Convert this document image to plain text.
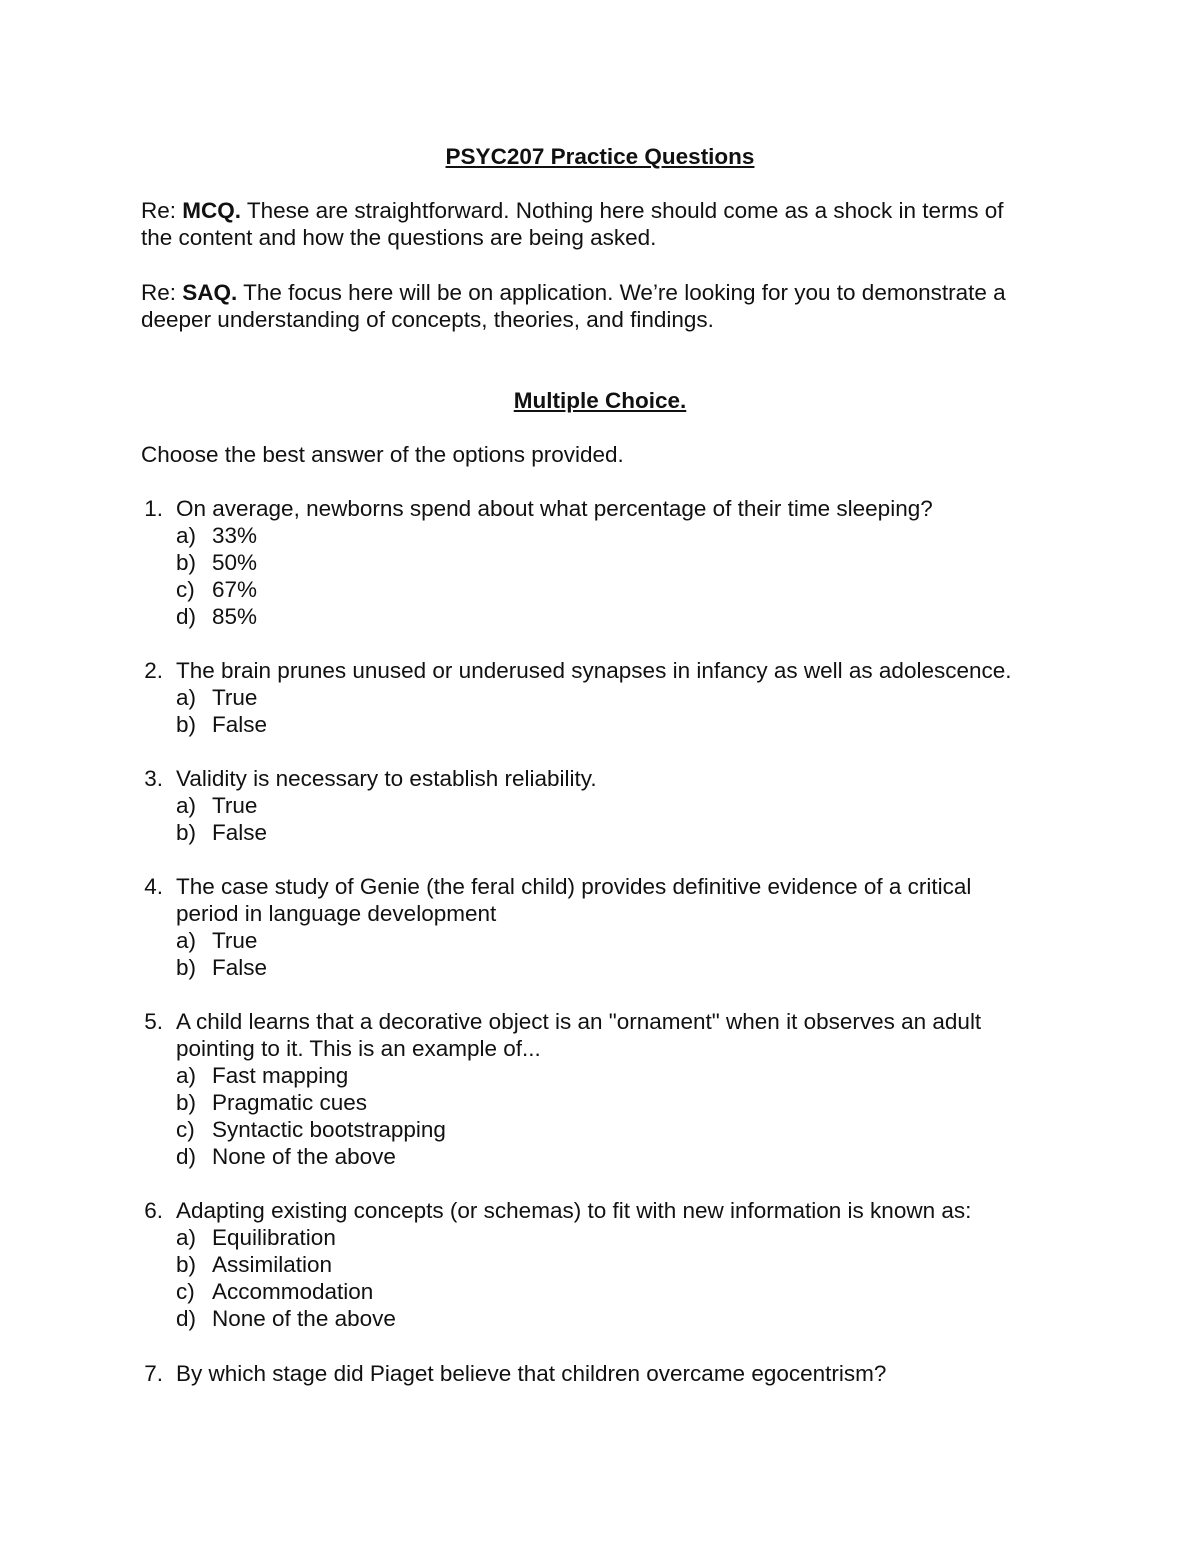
PSYC207 Practice Questions
Re: MCQ. These are straightforward. Nothing here should come as a shock in terms of
the content and how the questions are being asked.
Re: SAQ. The focus here will be on application. We’re looking for you to demonstrate a
deeper understanding of concepts, theories, and findings.
Multiple Choice.
Choose the best answer of the options provided.
1. On average, newborns spend about what percentage of their time sleeping?
a) 33%
b) 50%
c) 67%
d) 85%
2. The brain prunes unused or underused synapses in infancy as well as adolescence.
a) True
b) False
3. Validity is necessary to establish reliability.
a) True
b) False
4. The case study of Genie (the feral child) provides definitive evidence of a critical
period in language development
a) True
b) False
5. A child learns that a decorative object is an "ornament" when it observes an adult
pointing to it. This is an example of...
a) Fast mapping
b) Pragmatic cues
c) Syntactic bootstrapping
d) None of the above
6. Adapting existing concepts (or schemas) to fit with new information is known as:
a) Equilibration
b) Assimilation
c) Accommodation
d) None of the above
7. By which stage did Piaget believe that children overcame egocentrism?
